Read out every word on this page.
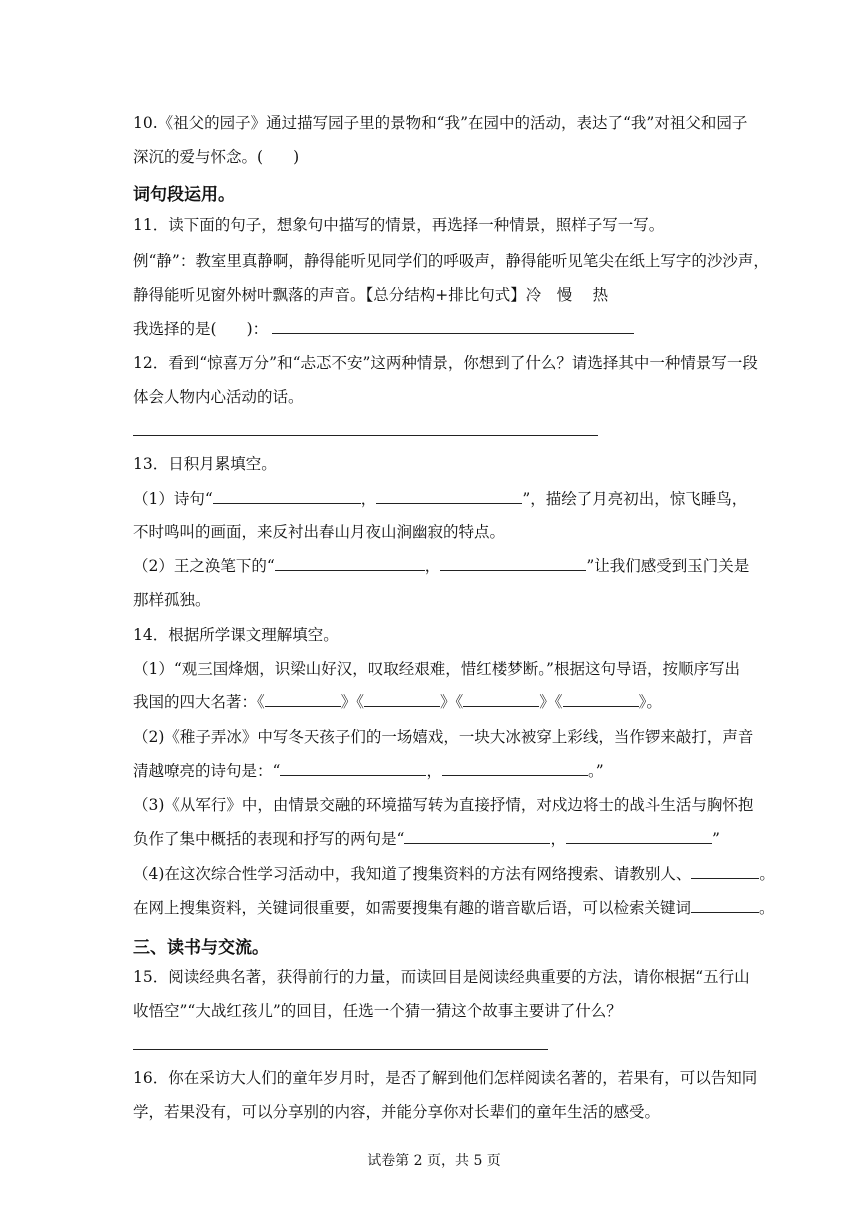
10.《祖父的园子》通过描写园子里的景物和“我”在园中的活动，表达了“我”对祖父和园子
深沉的爱与怀念。( )
词句段运用。
11．读下面的句子，想象句中描写的情景，再选择一种情景，照样子写一写。
例“静”：教室里真静啊，静得能听见同学们的呼吸声，静得能听见笔尖在纸上写字的沙沙声，
静得能听见窗外树叶飘落的声音。【总分结构+排比句式】冷　慢　 热
我选择的是( )：
12．看到“惊喜万分”和“忐忑不安”这两种情景，你想到了什么？请选择其中一种情景写一段
体会人物内心活动的话。
13．日积月累填空。
（1）诗句“	，	”，描绘了月亮初出，惊飞睡鸟，
不时鸣叫的画面，来反衬出春山月夜山涧幽寂的特点。
（2）王之涣笔下的“	，	”让我们感受到玉门关是
那样孤独。
14．根据所学课文理解填空。
（1）“观三国烽烟，识梁山好汉，叹取经艰难，惜红楼梦断。”根据这句导语，按顺序写出
我国的四大名著：《	》《	》《	》《	》。
（2)《稚子弄冰》中写冬天孩子们的一场嬉戏，一块大冰被穿上彩线，当作锣来敲打，声音
清越嘹亮的诗句是：“	，	。”
（3)《从军行》中，由情景交融的环境描写转为直接抒情，对戍边将士的战斗生活与胸怀抱
负作了集中概括的表现和抒写的两句是“	，	”
（4)在这次综合性学习活动中，我知道了搜集资料的方法有网络搜索、请教别人、	。
在网上搜集资料，关键词很重要，如需要搜集有趣的谐音歇后语，可以检索关键词	。
三、读书与交流。
15．阅读经典名著，获得前行的力量，而读回目是阅读经典重要的方法，请你根据“五行山
收悟空”“大战红孩儿”的回目，任选一个猜一猜这个故事主要讲了什么？
16．你在采访大人们的童年岁月时，是否了解到他们怎样阅读名著的，若果有，可以告知同
学，若果没有，可以分享别的内容，并能分享你对长辈们的童年生活的感受。
试卷第 2 页，共 5 页
